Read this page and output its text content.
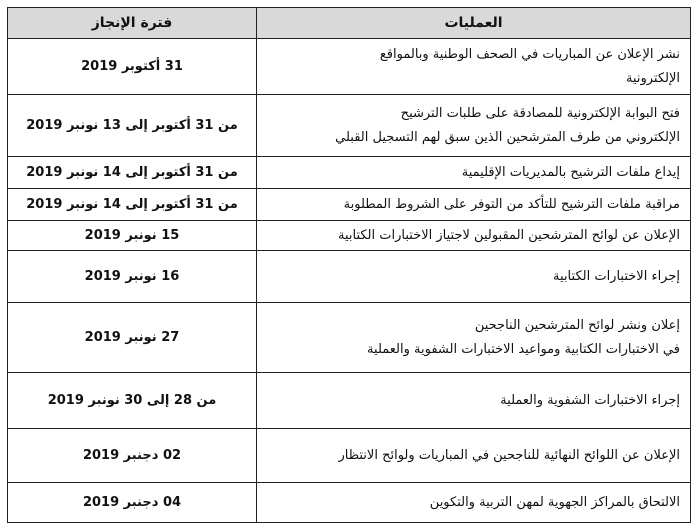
العمليات	فترة الإنجاز

نشر الإعلان عن المباريات في الصحف الوطنية وبالمواقع
الإلكترونية	31 أكتوبر 2019

فتح البوابة الإلكترونية للمصادقة على طلبات الترشيح
الإلكتروني من طرف المترشحين الذين سبق لهم التسجيل القبلي	من 31 أكتوبر إلى 13 نونبر 2019

إيداع ملفات الترشيح بالمديريات الإقليمية	من 31 أكتوبر إلى 14 نونبر 2019

مراقبة ملفات الترشيح للتأكد من التوفر على الشروط المطلوبة	من 31 أكتوبر إلى 14 نونبر 2019

الإعلان عن لوائح المترشحين المقبولين لاجتياز الاختبارات الكتابية	15 نونبر 2019

إجراء الاختبارات الكتابية	16 نونبر 2019

إعلان ونشر لوائح المترشحين الناجحين
في الاختبارات الكتابية ومواعيد الاختبارات الشفوية والعملية	27 نونبر 2019

إجراء الاختبارات الشفوية والعملية	من 28 إلى 30 نونبر 2019

الإعلان عن اللوائح النهائية للناجحين في المباريات ولوائح الانتظار	02 دجنبر 2019

الالتحاق بالمراكز الجهوية لمهن التربية والتكوين	04 دجنبر 2019
